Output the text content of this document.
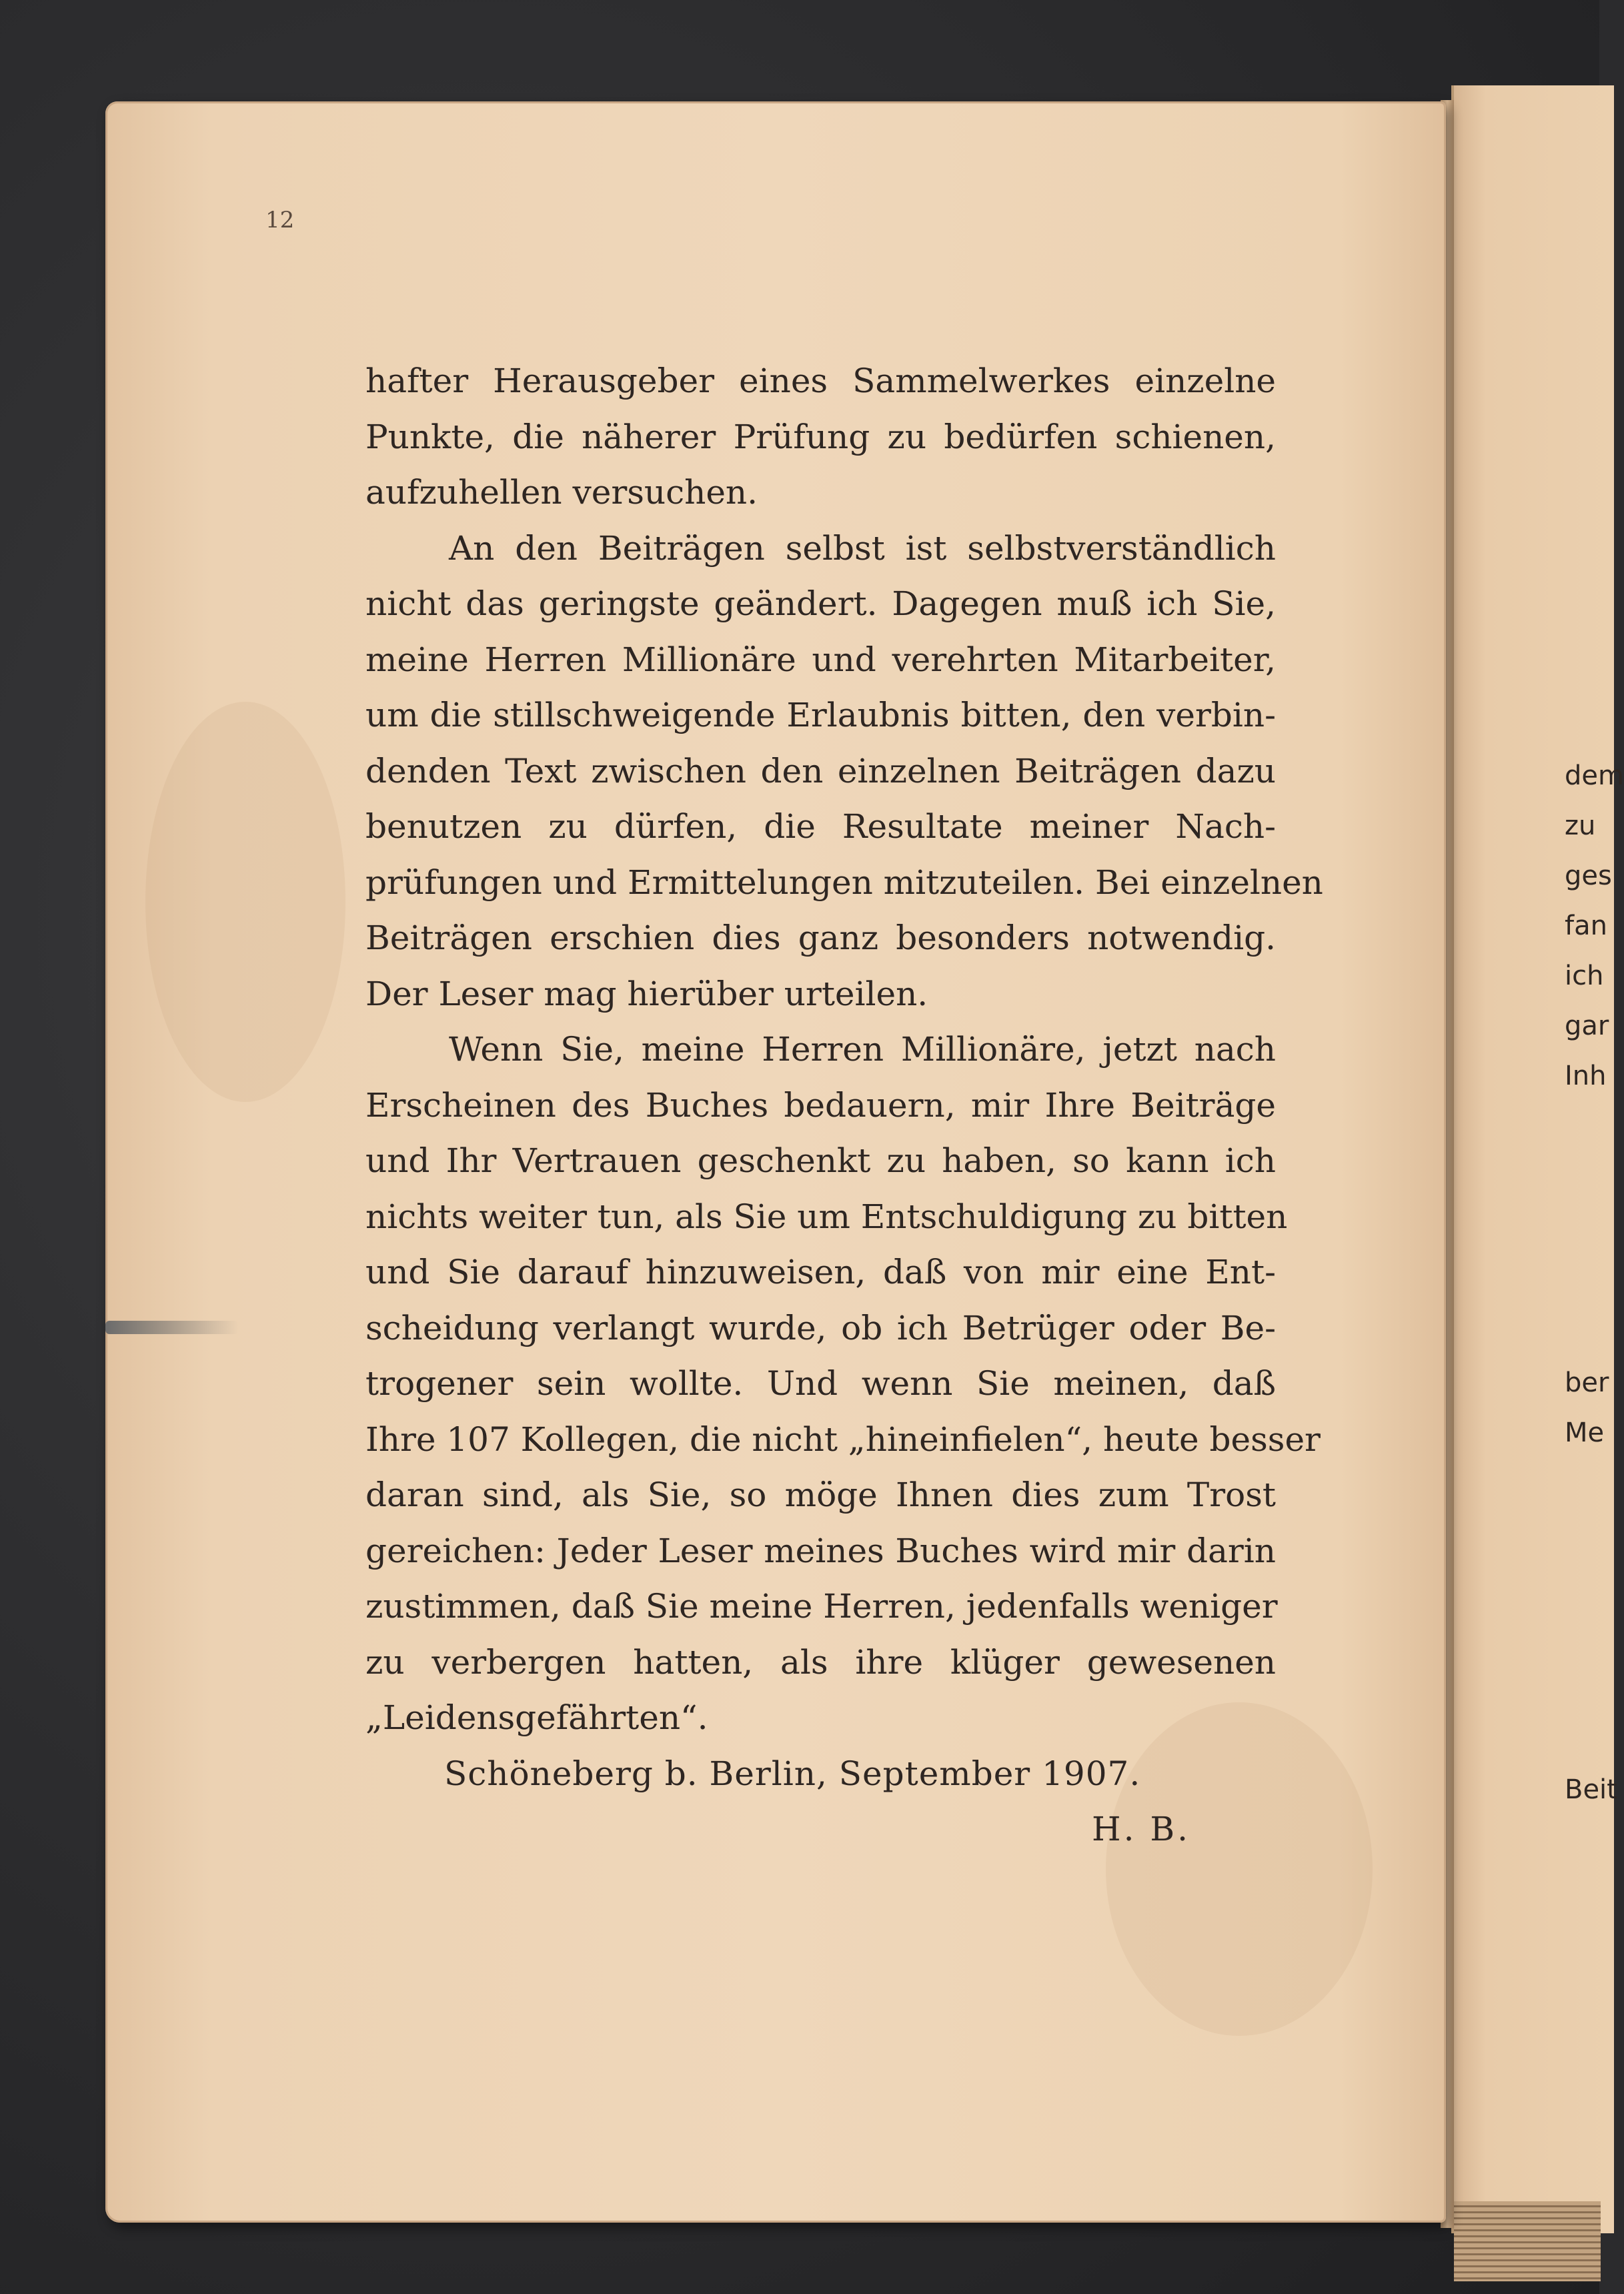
dem
zu
ges
fan
ich
gar
Inh
ber
Me
Beit
12
hafter Herausgeber eines Sammelwerkes einzelne
Punkte, die näherer Prüfung zu bedürfen schienen,
aufzuhellen versuchen.
An den Beiträgen selbst ist selbstverständlich
nicht das geringste geändert. Dagegen muß ich Sie,
meine Herren Millionäre und verehrten Mitarbeiter,
um die stillschweigende Erlaubnis bitten, den verbin-
denden Text zwischen den einzelnen Beiträgen dazu
benutzen zu dürfen, die Resultate meiner Nach-
prüfungen und Ermittelungen mitzuteilen. Bei einzelnen
Beiträgen erschien dies ganz besonders notwendig.
Der Leser mag hierüber urteilen.
Wenn Sie, meine Herren Millionäre, jetzt nach
Erscheinen des Buches bedauern, mir Ihre Beiträge
und Ihr Vertrauen geschenkt zu haben, so kann ich
nichts weiter tun, als Sie um Entschuldigung zu bitten
und Sie darauf hinzuweisen, daß von mir eine Ent-
scheidung verlangt wurde, ob ich Betrüger oder Be-
trogener sein wollte. Und wenn Sie meinen, daß
Ihre 107 Kollegen, die nicht „hineinfielen“, heute besser
daran sind, als Sie, so möge Ihnen dies zum Trost
gereichen: Jeder Leser meines Buches wird mir darin
zustimmen, daß Sie meine Herren, jedenfalls weniger
zu verbergen hatten, als ihre klüger gewesenen
„Leidensgefährten“.
Schöneberg b. Berlin, September 1907.
H. B.
